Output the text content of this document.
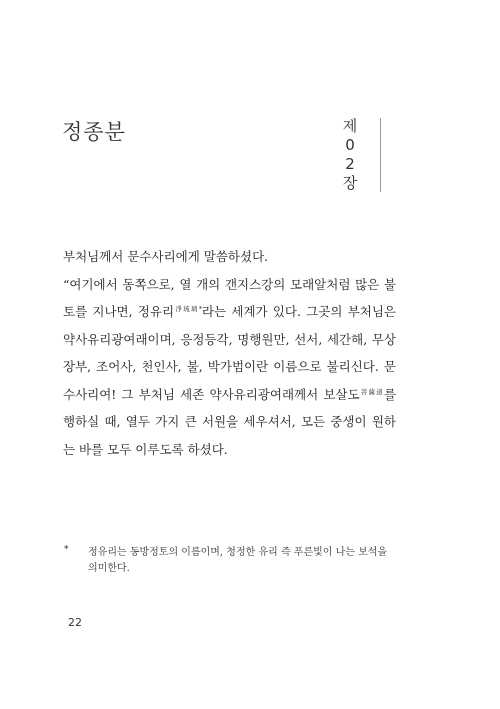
정종분	제
0
2
장

부처님께서 문수사리에게 말씀하셨다.

“여기에서 동쪽으로, 열 개의 갠지스강의 모래알처럼 많은 불토를 지나면, 정유리$^{淨琉璃*}$라는 세계가 있다. 그곳의 부처님은 약사유리광여래이며, 응정등각, 명행원만, 선서, 세간해, 무상장부, 조어사, 천인사, 불, 박가범이란 이름으로 불리신다. 문수사리여! 그 부처님 세존 약사유리광여래께서 보살도$^{菩薩道}$를 행하실 때, 열두 가지 큰 서원을 세우셔서, 모든 중생이 원하는 바를 모두 이루도록 하셨다.

* 정유리는 동방정토의 이름이며, 청정한 유리 즉 푸른빛이 나는 보석을 의미한다.
22
